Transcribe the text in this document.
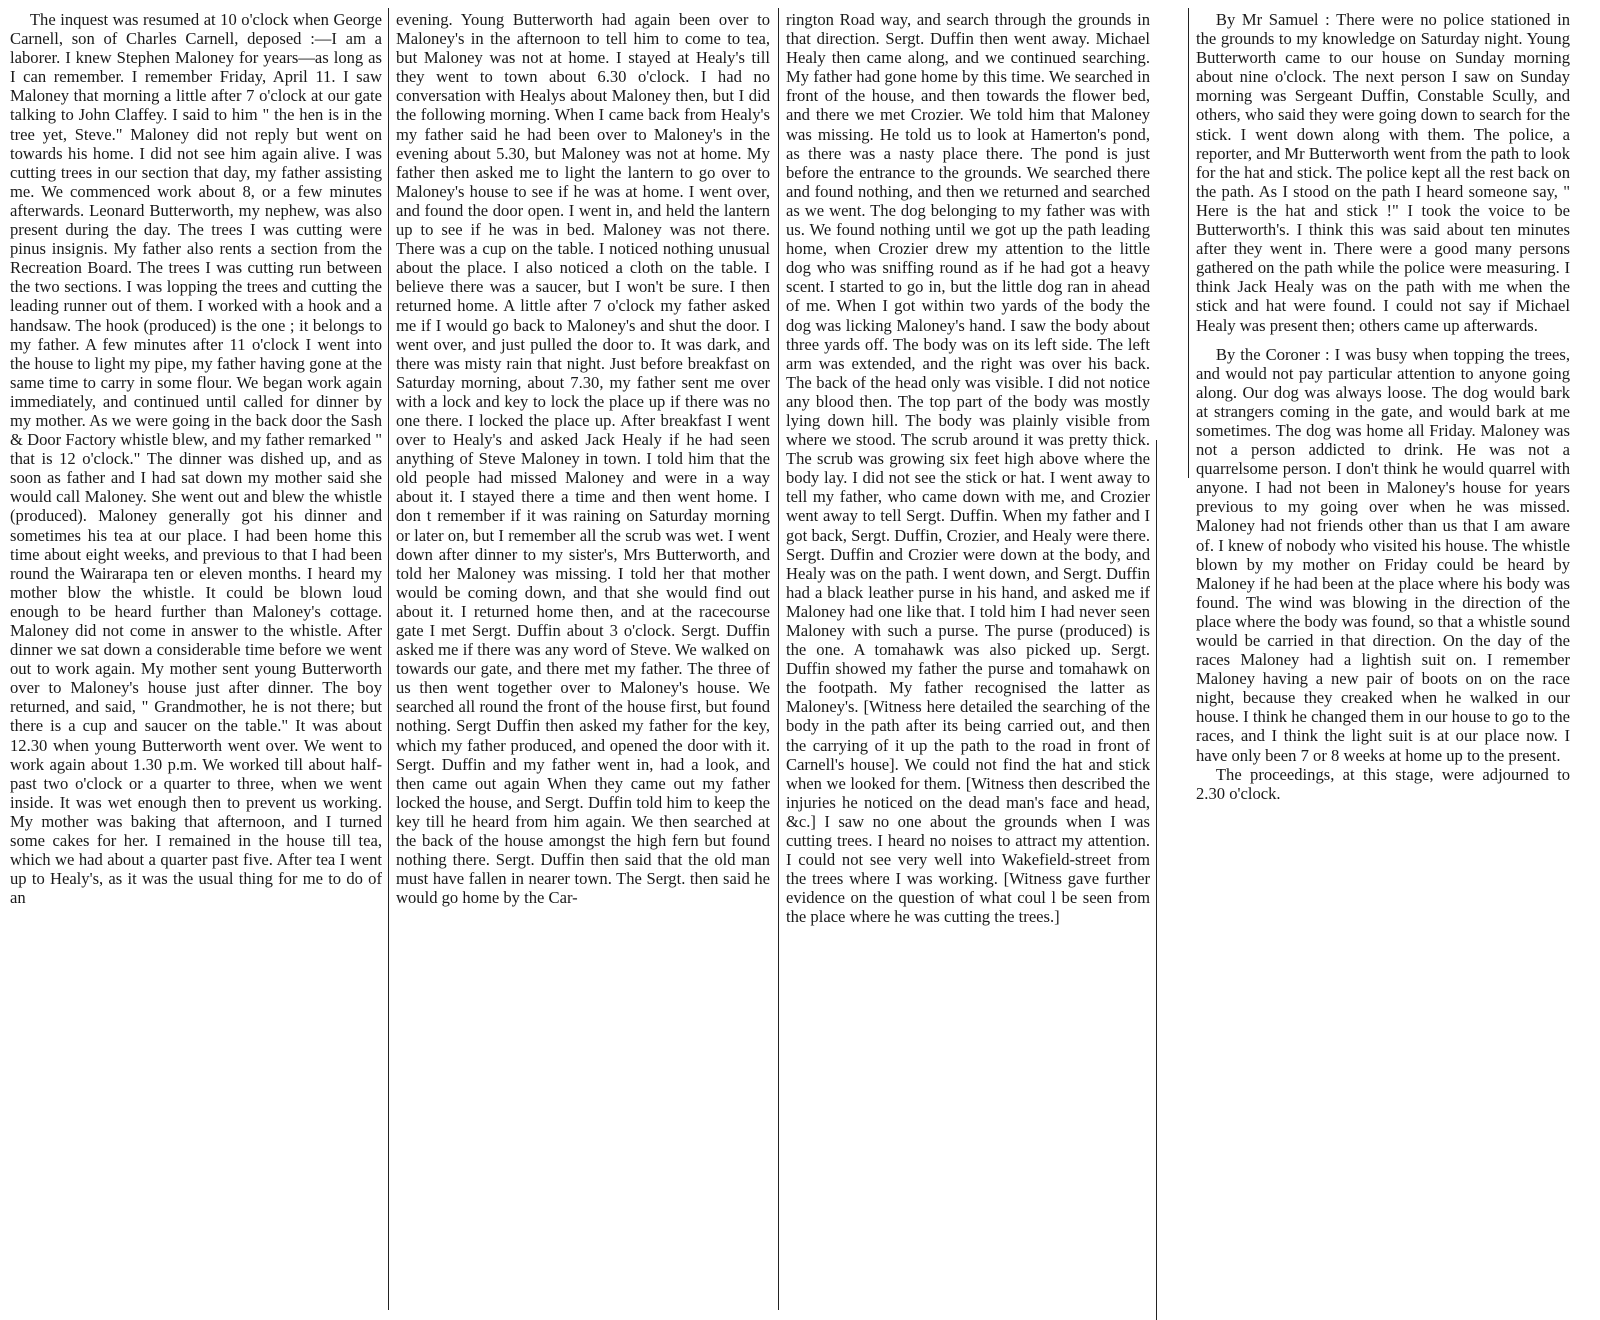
The inquest was resumed at 10 o'clock when George Carnell, son of Charles Carnell, deposed :—I am a laborer. I knew Stephen Maloney for years—as long as I can remember. I remember Friday, April 11. I saw Maloney that morning a little after 7 o'clock at our gate talking to John Claffey. I said to him " the hen is in the tree yet, Steve." Maloney did not reply but went on towards his home. I did not see him again alive. I was cutting trees in our section that day, my father assisting me. We commenced work about 8, or a few minutes afterwards. Leonard Butterworth, my nephew, was also present during the day. The trees I was cutting were pinus insignis. My father also rents a section from the Recreation Board. The trees I was cutting run between the two sections. I was lopping the trees and cutting the leading runner out of them. I worked with a hook and a handsaw. The hook (produced) is the one ; it belongs to my father. A few minutes after 11 o'clock I went into the house to light my pipe, my father having gone at the same time to carry in some flour. We began work again immediately, and continued until called for dinner by my mother. As we were going in the back door the Sash & Door Factory whistle blew, and my father remarked " that is 12 o'clock." The dinner was dished up, and as soon as father and I had sat down my mother said she would call Maloney. She went out and blew the whistle (produced). Maloney generally got his dinner and sometimes his tea at our place. I had been home this time about eight weeks, and previous to that I had been round the Wairarapa ten or eleven months. I heard my mother blow the whistle. It could be blown loud enough to be heard further than Maloney's cottage. Maloney did not come in answer to the whistle. After dinner we sat down a considerable time before we went out to work again. My mother sent young Butterworth over to Maloney's house just after dinner. The boy returned, and said, " Grandmother, he is not there; but there is a cup and saucer on the table." It was about 12.30 when young Butterworth went over. We went to work again about 1.30 p.m. We worked till about half-past two o'clock or a quarter to three, when we went inside. It was wet enough then to prevent us working. My mother was baking that afternoon, and I turned some cakes for her. I remained in the house till tea, which we had about a quarter past five. After tea I went up to Healy's, as it was the usual thing for me to do of an

evening. Young Butterworth had again been over to Maloney's in the afternoon to tell him to come to tea, but Maloney was not at home. I stayed at Healy's till they went to town about 6.30 o'clock. I had no conversation with Healys about Maloney then, but I did the following morning. When I came back from Healy's my father said he had been over to Maloney's in the evening about 5.30, but Maloney was not at home. My father then asked me to light the lantern to go over to Maloney's house to see if he was at home. I went over, and found the door open. I went in, and held the lantern up to see if he was in bed. Maloney was not there. There was a cup on the table. I noticed nothing unusual about the place. I also noticed a cloth on the table. I believe there was a saucer, but I won't be sure. I then returned home. A little after 7 o'clock my father asked me if I would go back to Maloney's and shut the door. I went over, and just pulled the door to. It was dark, and there was misty rain that night. Just before breakfast on Saturday morning, about 7.30, my father sent me over with a lock and key to lock the place up if there was no one there. I locked the place up. After breakfast I went over to Healy's and asked Jack Healy if he had seen anything of Steve Maloney in town. I told him that the old people had missed Maloney and were in a way about it. I stayed there a time and then went home. I don t remember if it was raining on Saturday morning or later on, but I remember all the scrub was wet. I went down after dinner to my sister's, Mrs Butterworth, and told her Maloney was missing. I told her that mother would be coming down, and that she would find out about it. I returned home then, and at the racecourse gate I met Sergt. Duffin about 3 o'clock. Sergt. Duffin asked me if there was any word of Steve. We walked on towards our gate, and there met my father. The three of us then went together over to Maloney's house. We searched all round the front of the house first, but found nothing. Sergt Duffin then asked my father for the key, which my father produced, and opened the door with it. Sergt. Duffin and my father went in, had a look, and then came out again When they came out my father locked the house, and Sergt. Duffin told him to keep the key till he heard from him again. We then searched at the back of the house amongst the high fern but found nothing there. Sergt. Duffin then said that the old man must have fallen in nearer town. The Sergt. then said he would go home by the Car-

rington Road way, and search through the grounds in that direction. Sergt. Duffin then went away. Michael Healy then came along, and we continued searching. My father had gone home by this time. We searched in front of the house, and then towards the flower bed, and there we met Crozier. We told him that Maloney was missing. He told us to look at Hamerton's pond, as there was a nasty place there. The pond is just before the entrance to the grounds. We searched there and found nothing, and then we returned and searched as we went. The dog belonging to my father was with us. We found nothing until we got up the path leading home, when Crozier drew my attention to the little dog who was sniffing round as if he had got a heavy scent. I started to go in, but the little dog ran in ahead of me. When I got within two yards of the body the dog was licking Maloney's hand. I saw the body about three yards off. The body was on its left side. The left arm was extended, and the right was over his back. The back of the head only was visible. I did not notice any blood then. The top part of the body was mostly lying down hill. The body was plainly visible from where we stood. The scrub around it was pretty thick. The scrub was growing six feet high above where the body lay. I did not see the stick or hat. I went away to tell my father, who came down with me, and Crozier went away to tell Sergt. Duffin. When my father and I got back, Sergt. Duffin, Crozier, and Healy were there. Sergt. Duffin and Crozier were down at the body, and Healy was on the path. I went down, and Sergt. Duffin had a black leather purse in his hand, and asked me if Maloney had one like that. I told him I had never seen Maloney with such a purse. The purse (produced) is the one. A tomahawk was also picked up. Sergt. Duffin showed my father the purse and tomahawk on the footpath. My father recognised the latter as Maloney's. [Witness here detailed the searching of the body in the path after its being carried out, and then the carrying of it up the path to the road in front of Carnell's house]. We could not find the hat and stick when we looked for them. [Witness then described the injuries he noticed on the dead man's face and head, &c.] I saw no one about the grounds when I was cutting trees. I heard no noises to attract my attention. I could not see very well into Wakefield-street from the trees where I was working. [Witness gave further evidence on the question of what coul l be seen from the place where he was cutting the trees.]

By Mr Samuel : There were no police stationed in the grounds to my knowledge on Saturday night. Young Butterworth came to our house on Sunday morning about nine o'clock. The next person I saw on Sunday morning was Sergeant Duffin, Constable Scully, and others, who said they were going down to search for the stick. I went down along with them. The police, a reporter, and Mr Butterworth went from the path to look for the hat and stick. The police kept all the rest back on the path. As I stood on the path I heard someone say, " Here is the hat and stick !" I took the voice to be Butterworth's. I think this was said about ten minutes after they went in. There were a good many persons gathered on the path while the police were measuring. I think Jack Healy was on the path with me when the stick and hat were found. I could not say if Michael Healy was present then; others came up afterwards.

By the Coroner : I was busy when topping the trees, and would not pay particular attention to anyone going along. Our dog was always loose. The dog would bark at strangers coming in the gate, and would bark at me sometimes. The dog was home all Friday. Maloney was not a person addicted to drink. He was not a quarrelsome person. I don't think he would quarrel with anyone. I had not been in Maloney's house for years previous to my going over when he was missed. Maloney had not friends other than us that I am aware of. I knew of nobody who visited his house. The whistle blown by my mother on Friday could be heard by Maloney if he had been at the place where his body was found. The wind was blowing in the direction of the place where the body was found, so that a whistle sound would be carried in that direction. On the day of the races Maloney had a lightish suit on. I remember Maloney having a new pair of boots on on the race night, because they creaked when he walked in our house. I think he changed them in our house to go to the races, and I think the light suit is at our place now. I have only been 7 or 8 weeks at home up to the present.

The proceedings, at this stage, were adjourned to 2.30 o'clock.
